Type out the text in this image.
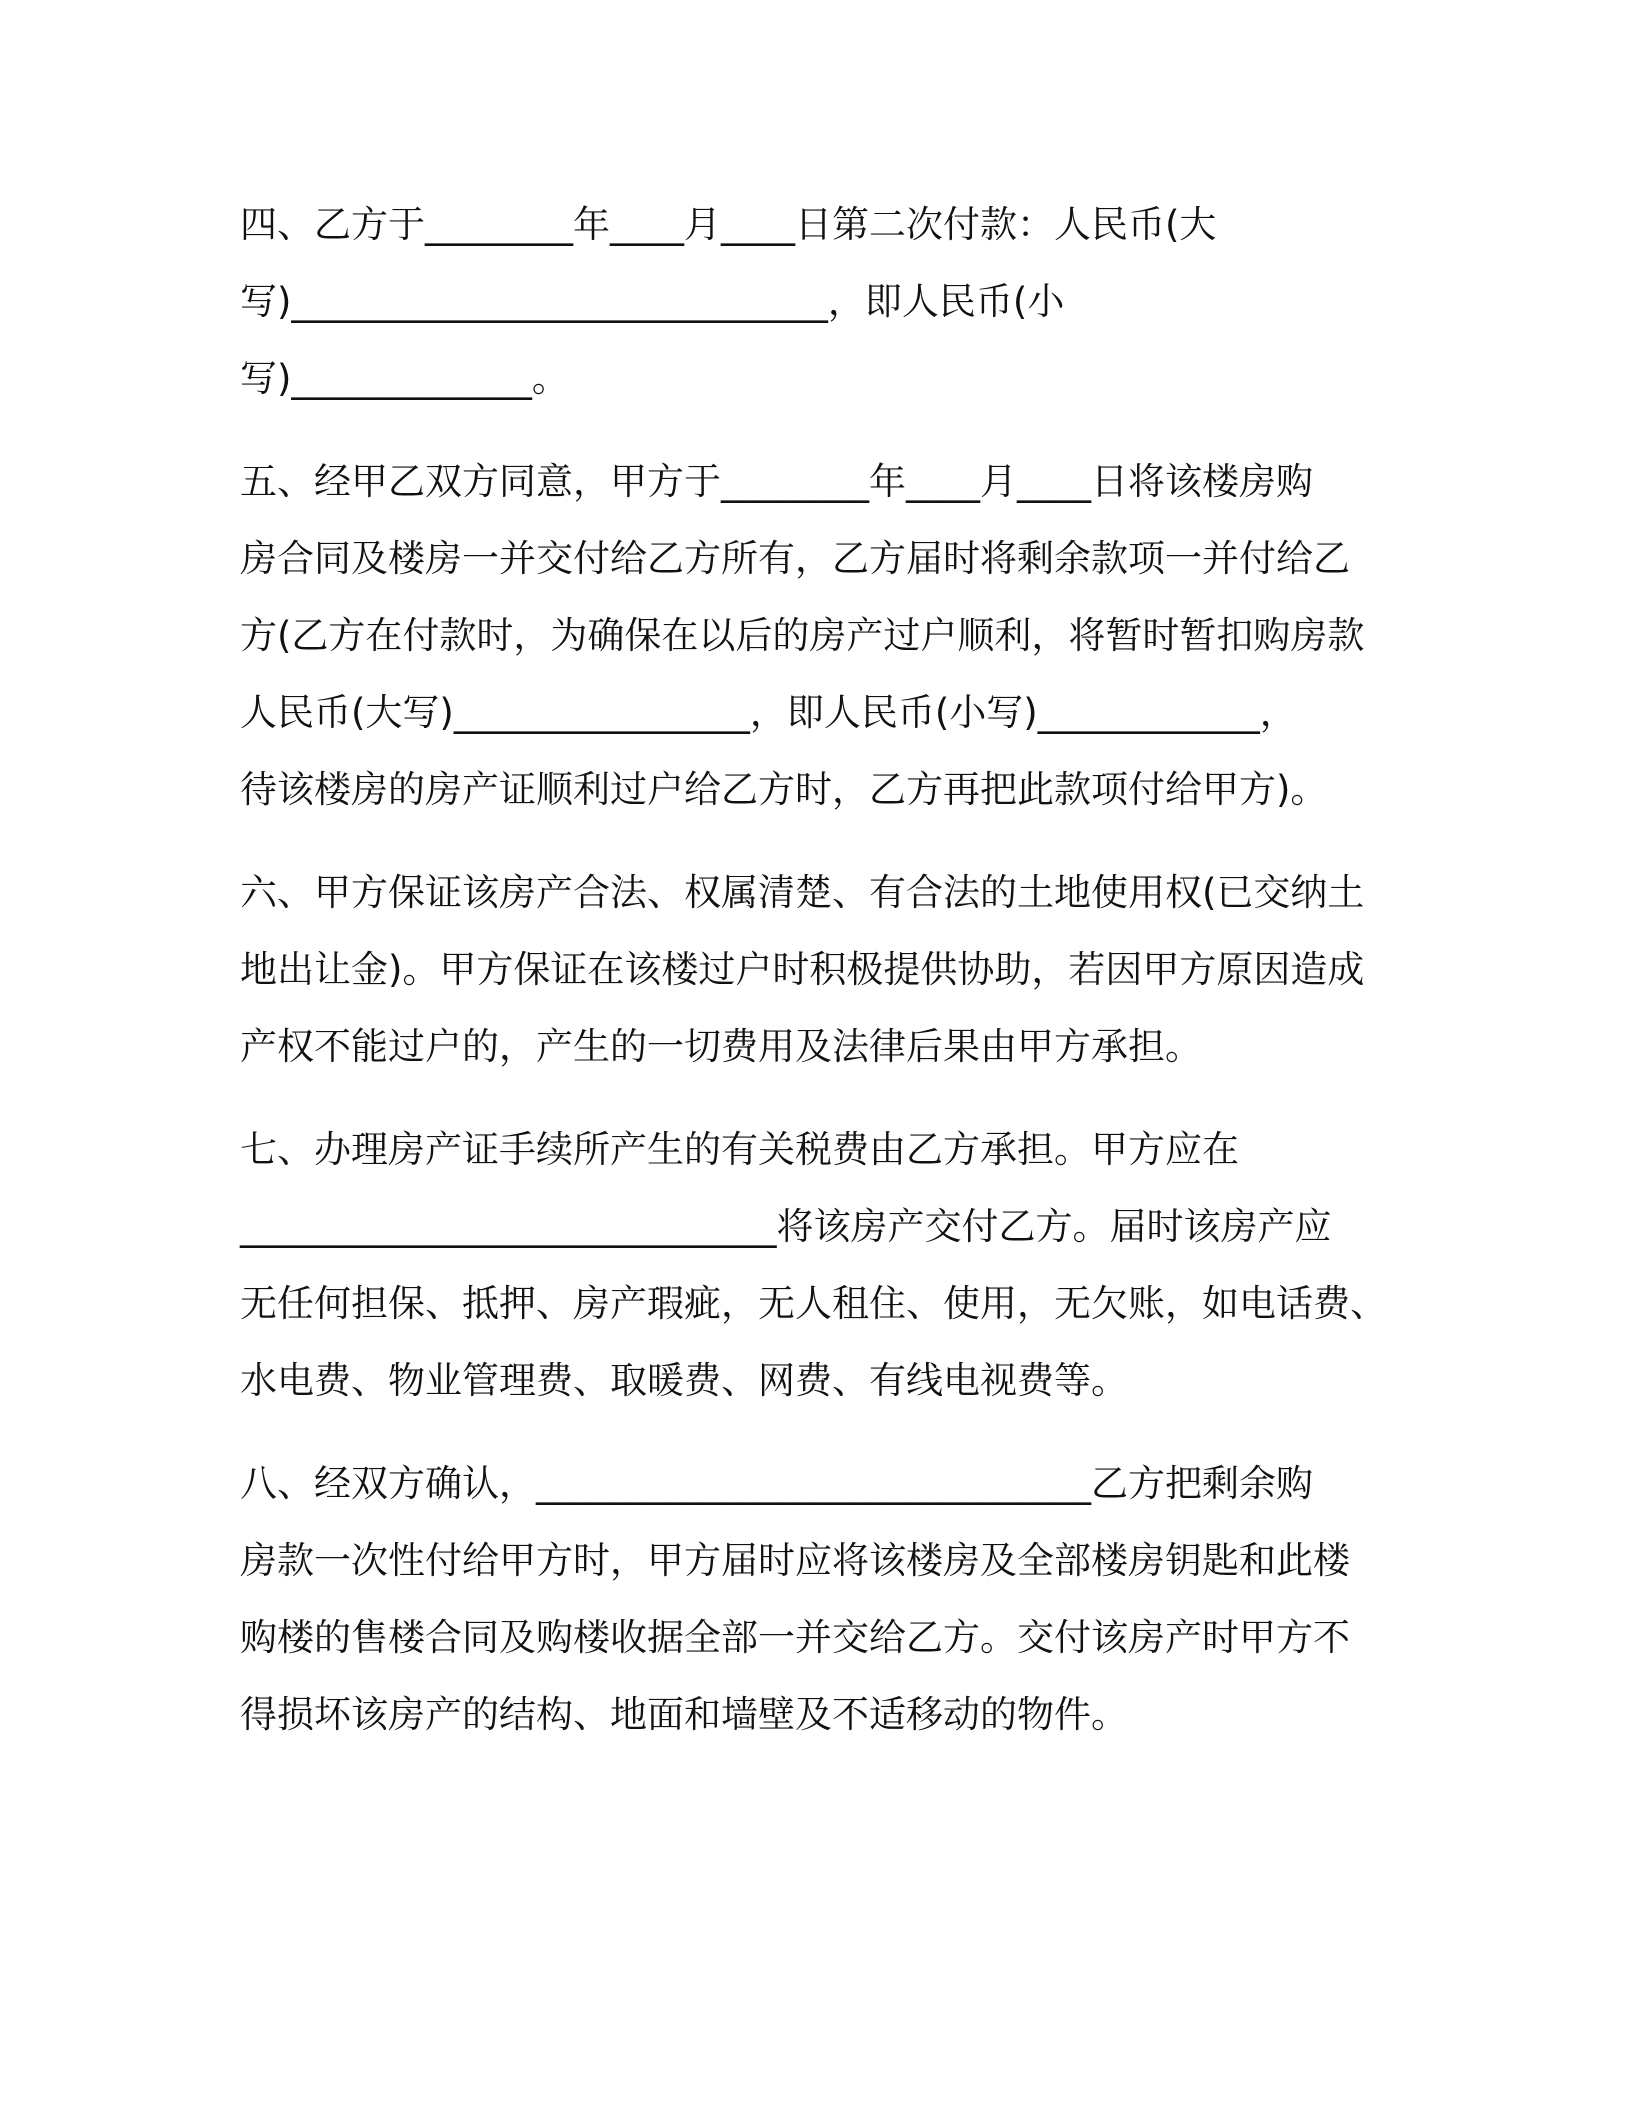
四、乙方于________年____月____日第二次付款：人民币(大
写)_____________________________，即人民币(小
写)_____________。
五、经甲乙双方同意，甲方于________年____月____日将该楼房购
房合同及楼房一并交付给乙方所有，乙方届时将剩余款项一并付给乙
方(乙方在付款时，为确保在以后的房产过户顺利，将暂时暂扣购房款
人民币(大写)________________，即人民币(小写)____________，
待该楼房的房产证顺利过户给乙方时，乙方再把此款项付给甲方)。
六、甲方保证该房产合法、权属清楚、有合法的土地使用权(已交纳土
地出让金)。甲方保证在该楼过户时积极提供协助，若因甲方原因造成
产权不能过户的，产生的一切费用及法律后果由甲方承担。
七、办理房产证手续所产生的有关税费由乙方承担。甲方应在
_____________________________将该房产交付乙方。届时该房产应
无任何担保、抵押、房产瑕疵，无人租住、使用，无欠账，如电话费、
水电费、物业管理费、取暖费、网费、有线电视费等。
八、经双方确认，______________________________乙方把剩余购
房款一次性付给甲方时，甲方届时应将该楼房及全部楼房钥匙和此楼
购楼的售楼合同及购楼收据全部一并交给乙方。交付该房产时甲方不
得损坏该房产的结构、地面和墙壁及不适移动的物件。
